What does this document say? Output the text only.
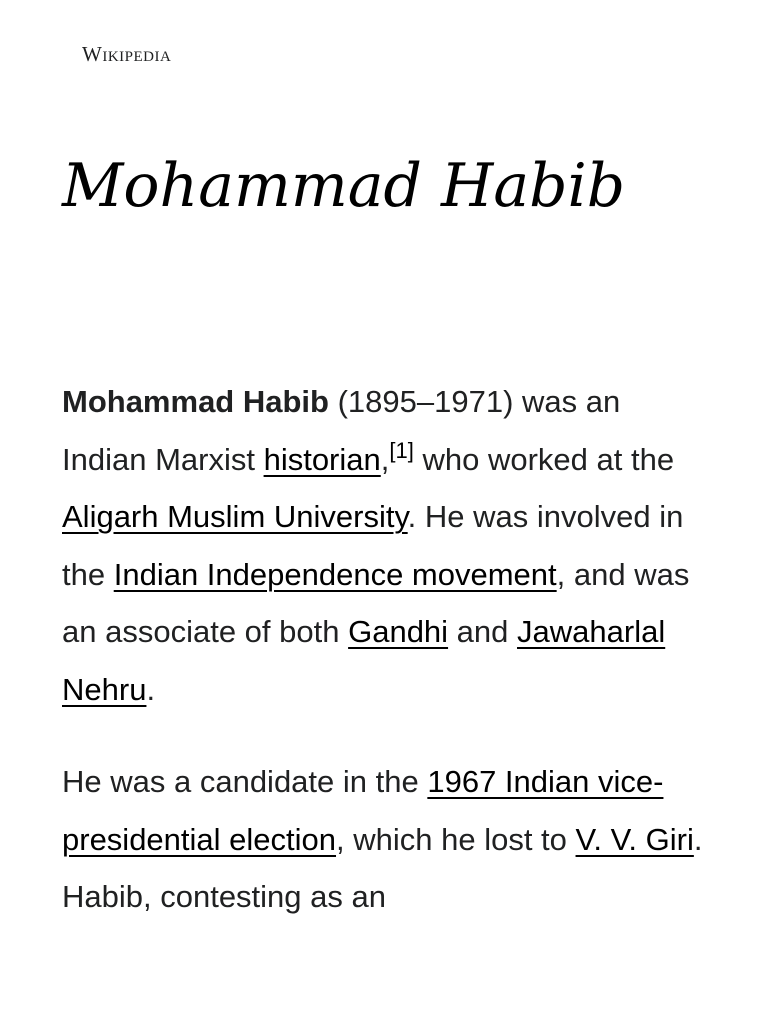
Wikipedia
Mohammad Habib

Mohammad Habib (1895–1971) was an Indian Marxist historian,[1] who worked at the Aligarh Muslim University. He was involved in the Indian Independence movement, and was an associate of both Gandhi and Jawaharlal Nehru.

He was a candidate in the 1967 Indian vice-presidential election, which he lost to V. V. Giri. Habib, contesting as an
